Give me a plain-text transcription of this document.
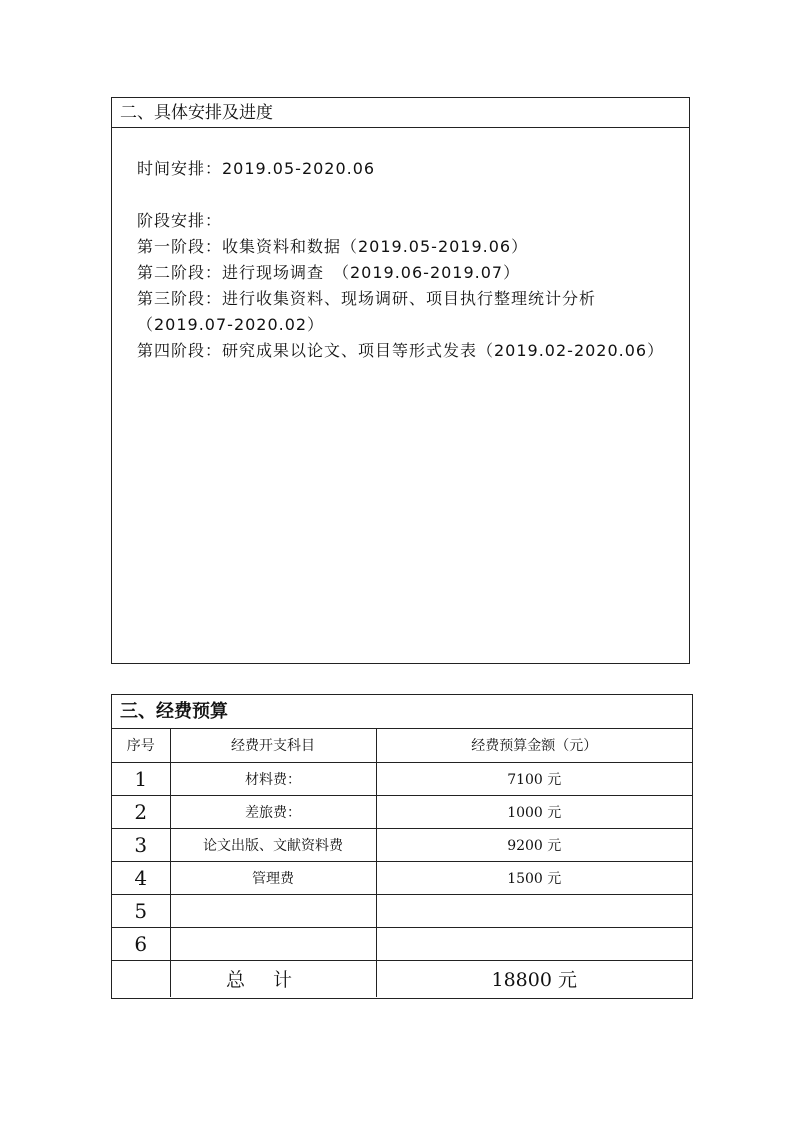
二、具体安排及进度
时间安排：2019.05-2020.06
阶段安排：
第一阶段：收集资料和数据（2019.05-2019.06）
第二阶段：进行现场调查　（2019.06-2019.07）
第三阶段：进行收集资料、现场调研、项目执行整理统计分析
（2019.07-2020.02）
第四阶段：研究成果以论文、项目等形式发表（2019.02-2020.06）
三、经费预算
序号	经费开支科目	经费预算金额（元）
1	材料费：	7100 元
2	差旅费：	1000 元
3	论文出版、文献资料费	9200 元
4	管理费	1500 元
5		
6		
	总计	18800 元
